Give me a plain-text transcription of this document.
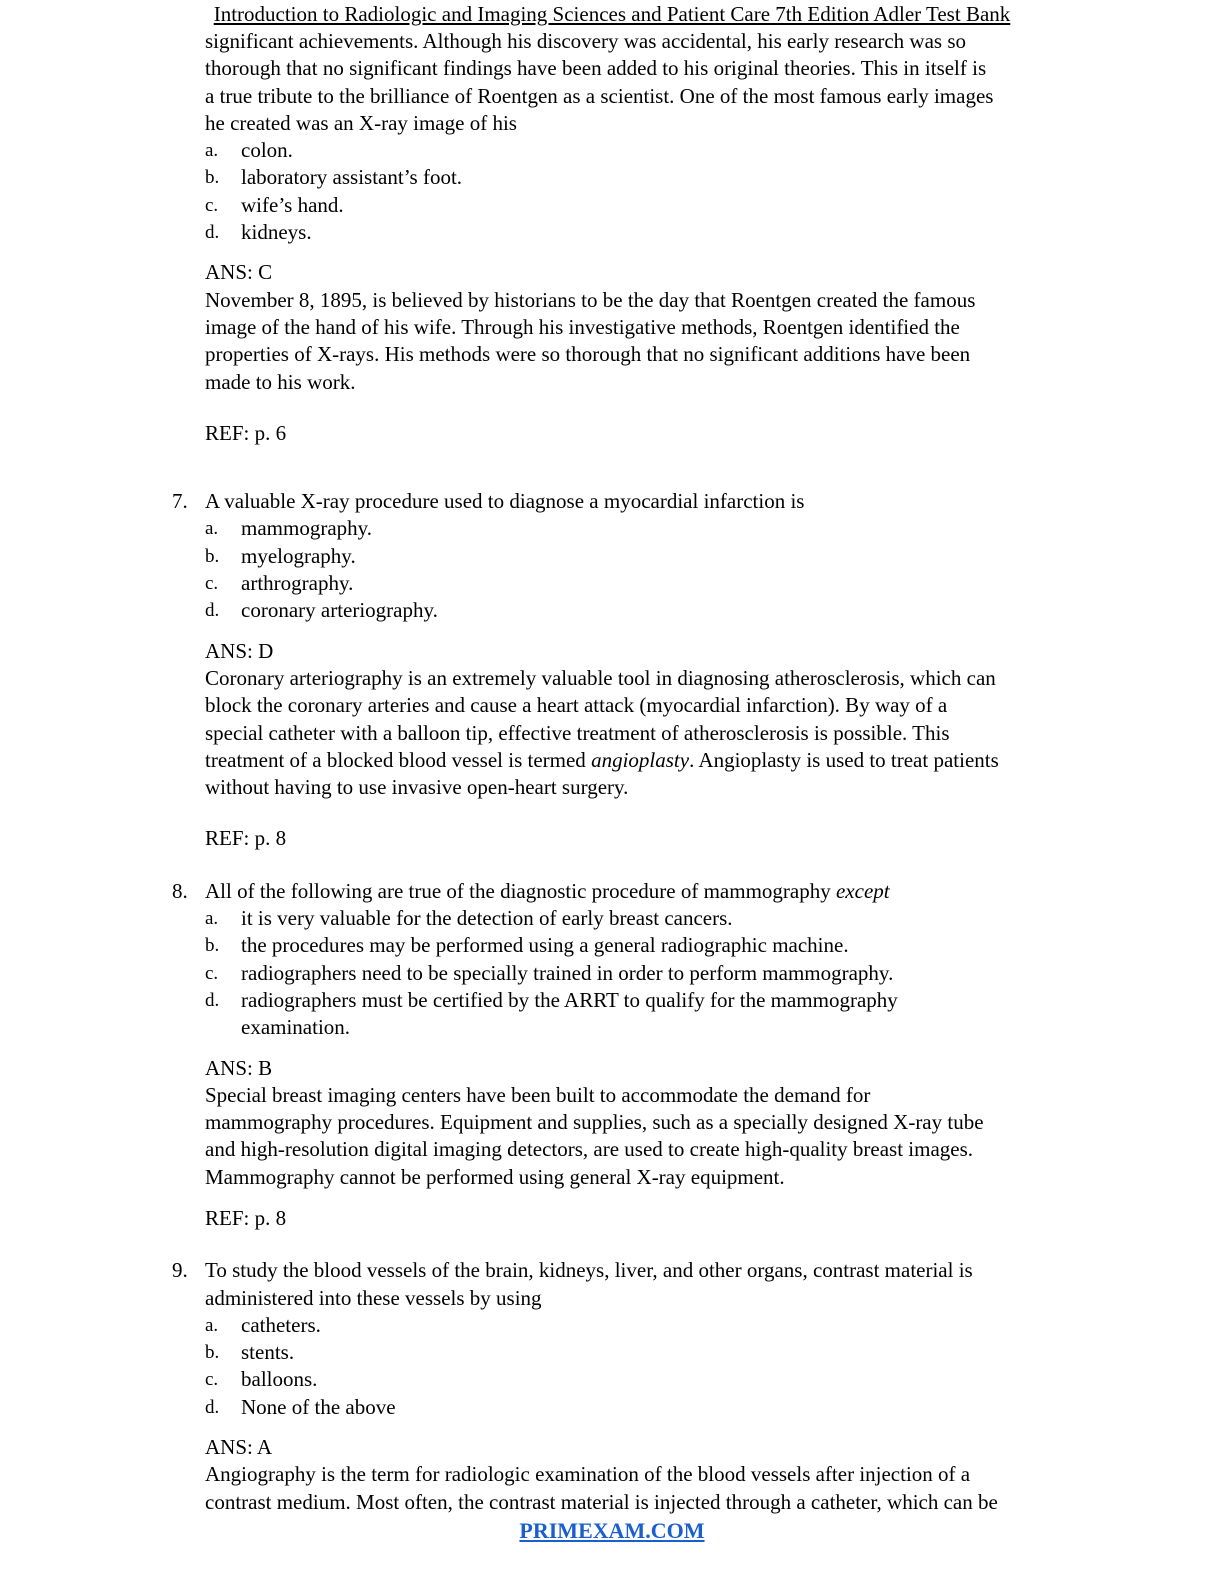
Introduction to Radiologic and Imaging Sciences and Patient Care 7th Edition Adler Test Bank
significant achievements. Although his discovery was accidental, his early research was so
thorough that no significant findings have been added to his original theories. This in itself is
a true tribute to the brilliance of Roentgen as a scientist. One of the most famous early images
he created was an X-ray image of his
a. colon.
b. laboratory assistant’s foot.
c. wife’s hand.
d. kidneys.
ANS: C
November 8, 1895, is believed by historians to be the day that Roentgen created the famous
image of the hand of his wife. Through his investigative methods, Roentgen identified the
properties of X-rays. His methods were so thorough that no significant additions have been
made to his work.
REF: p. 6
7. A valuable X-ray procedure used to diagnose a myocardial infarction is
a. mammography.
b. myelography.
c. arthrography.
d. coronary arteriography.
ANS: D
Coronary arteriography is an extremely valuable tool in diagnosing atherosclerosis, which can
block the coronary arteries and cause a heart attack (myocardial infarction). By way of a
special catheter with a balloon tip, effective treatment of atherosclerosis is possible. This
treatment of a blocked blood vessel is termed angioplasty. Angioplasty is used to treat patients
without having to use invasive open-heart surgery.
REF: p. 8
8. All of the following are true of the diagnostic procedure of mammography except
a. it is very valuable for the detection of early breast cancers.
b. the procedures may be performed using a general radiographic machine.
c. radiographers need to be specially trained in order to perform mammography.
d. radiographers must be certified by the ARRT to qualify for the mammography
examination.
ANS: B
Special breast imaging centers have been built to accommodate the demand for
mammography procedures. Equipment and supplies, such as a specially designed X-ray tube
and high-resolution digital imaging detectors, are used to create high-quality breast images.
Mammography cannot be performed using general X-ray equipment.
REF: p. 8
9. To study the blood vessels of the brain, kidneys, liver, and other organs, contrast material is
administered into these vessels by using
a. catheters.
b. stents.
c. balloons.
d. None of the above
ANS: A
Angiography is the term for radiologic examination of the blood vessels after injection of a
contrast medium. Most often, the contrast material is injected through a catheter, which can be
PRIMEXAM.COM
